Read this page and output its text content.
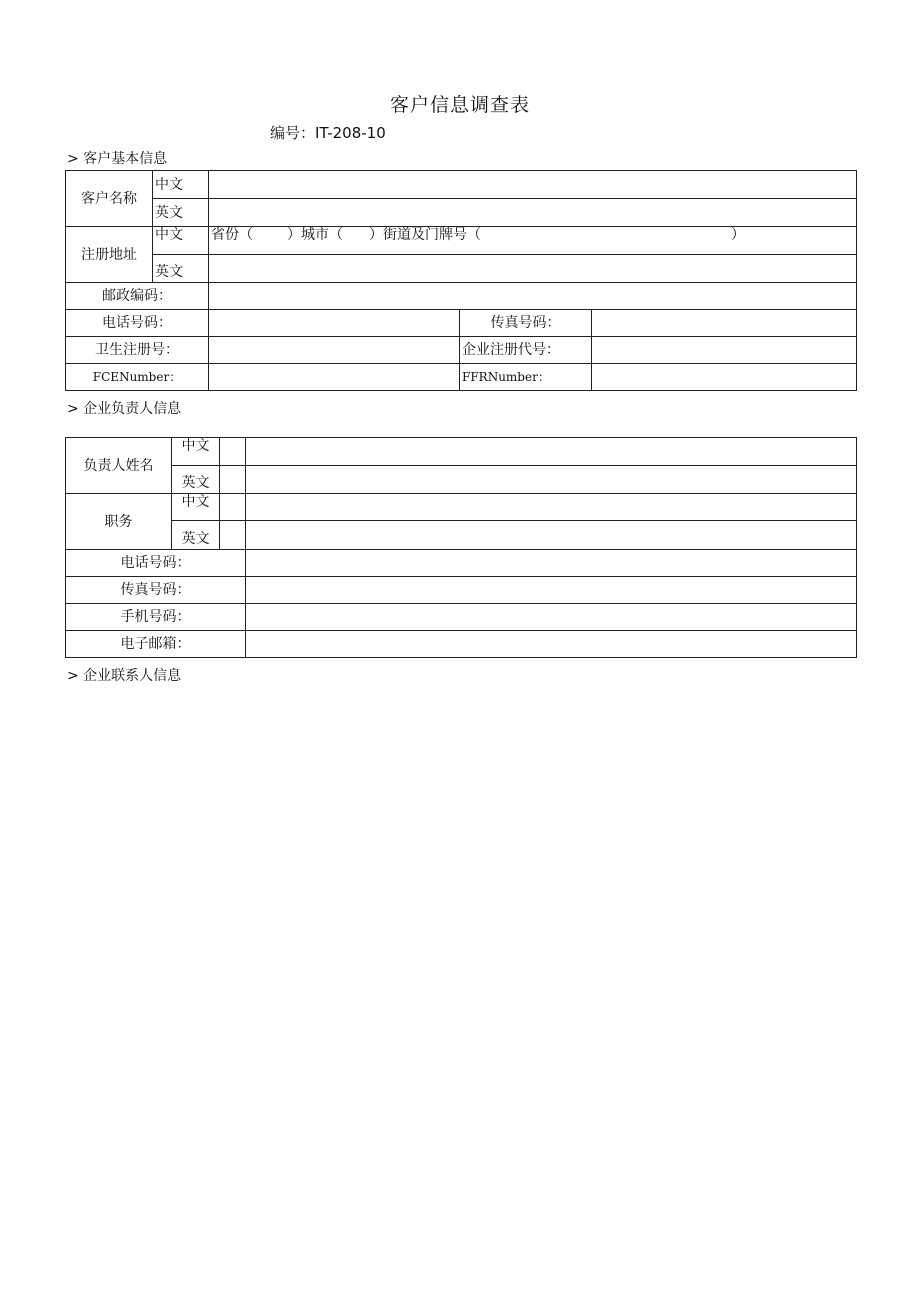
客户信息调查表
编号：IT-208-10
> 客户基本信息
客户名称	中文			
	英文			
注册地址	中文	省份（ ）城市（ ）街道及门牌号（ ）		
	英文			
邮政编码：				
电话号码：			传真号码：	
卫生注册号：			企业注册代号：	
FCENumber：			FFRNumber：	
> 企业负责人信息
负责人姓名	中文		
	英文		
职务	中文		
	英文		
电话号码：			
传真号码：			
手机号码：			
电子邮箱：			
> 企业联系人信息
